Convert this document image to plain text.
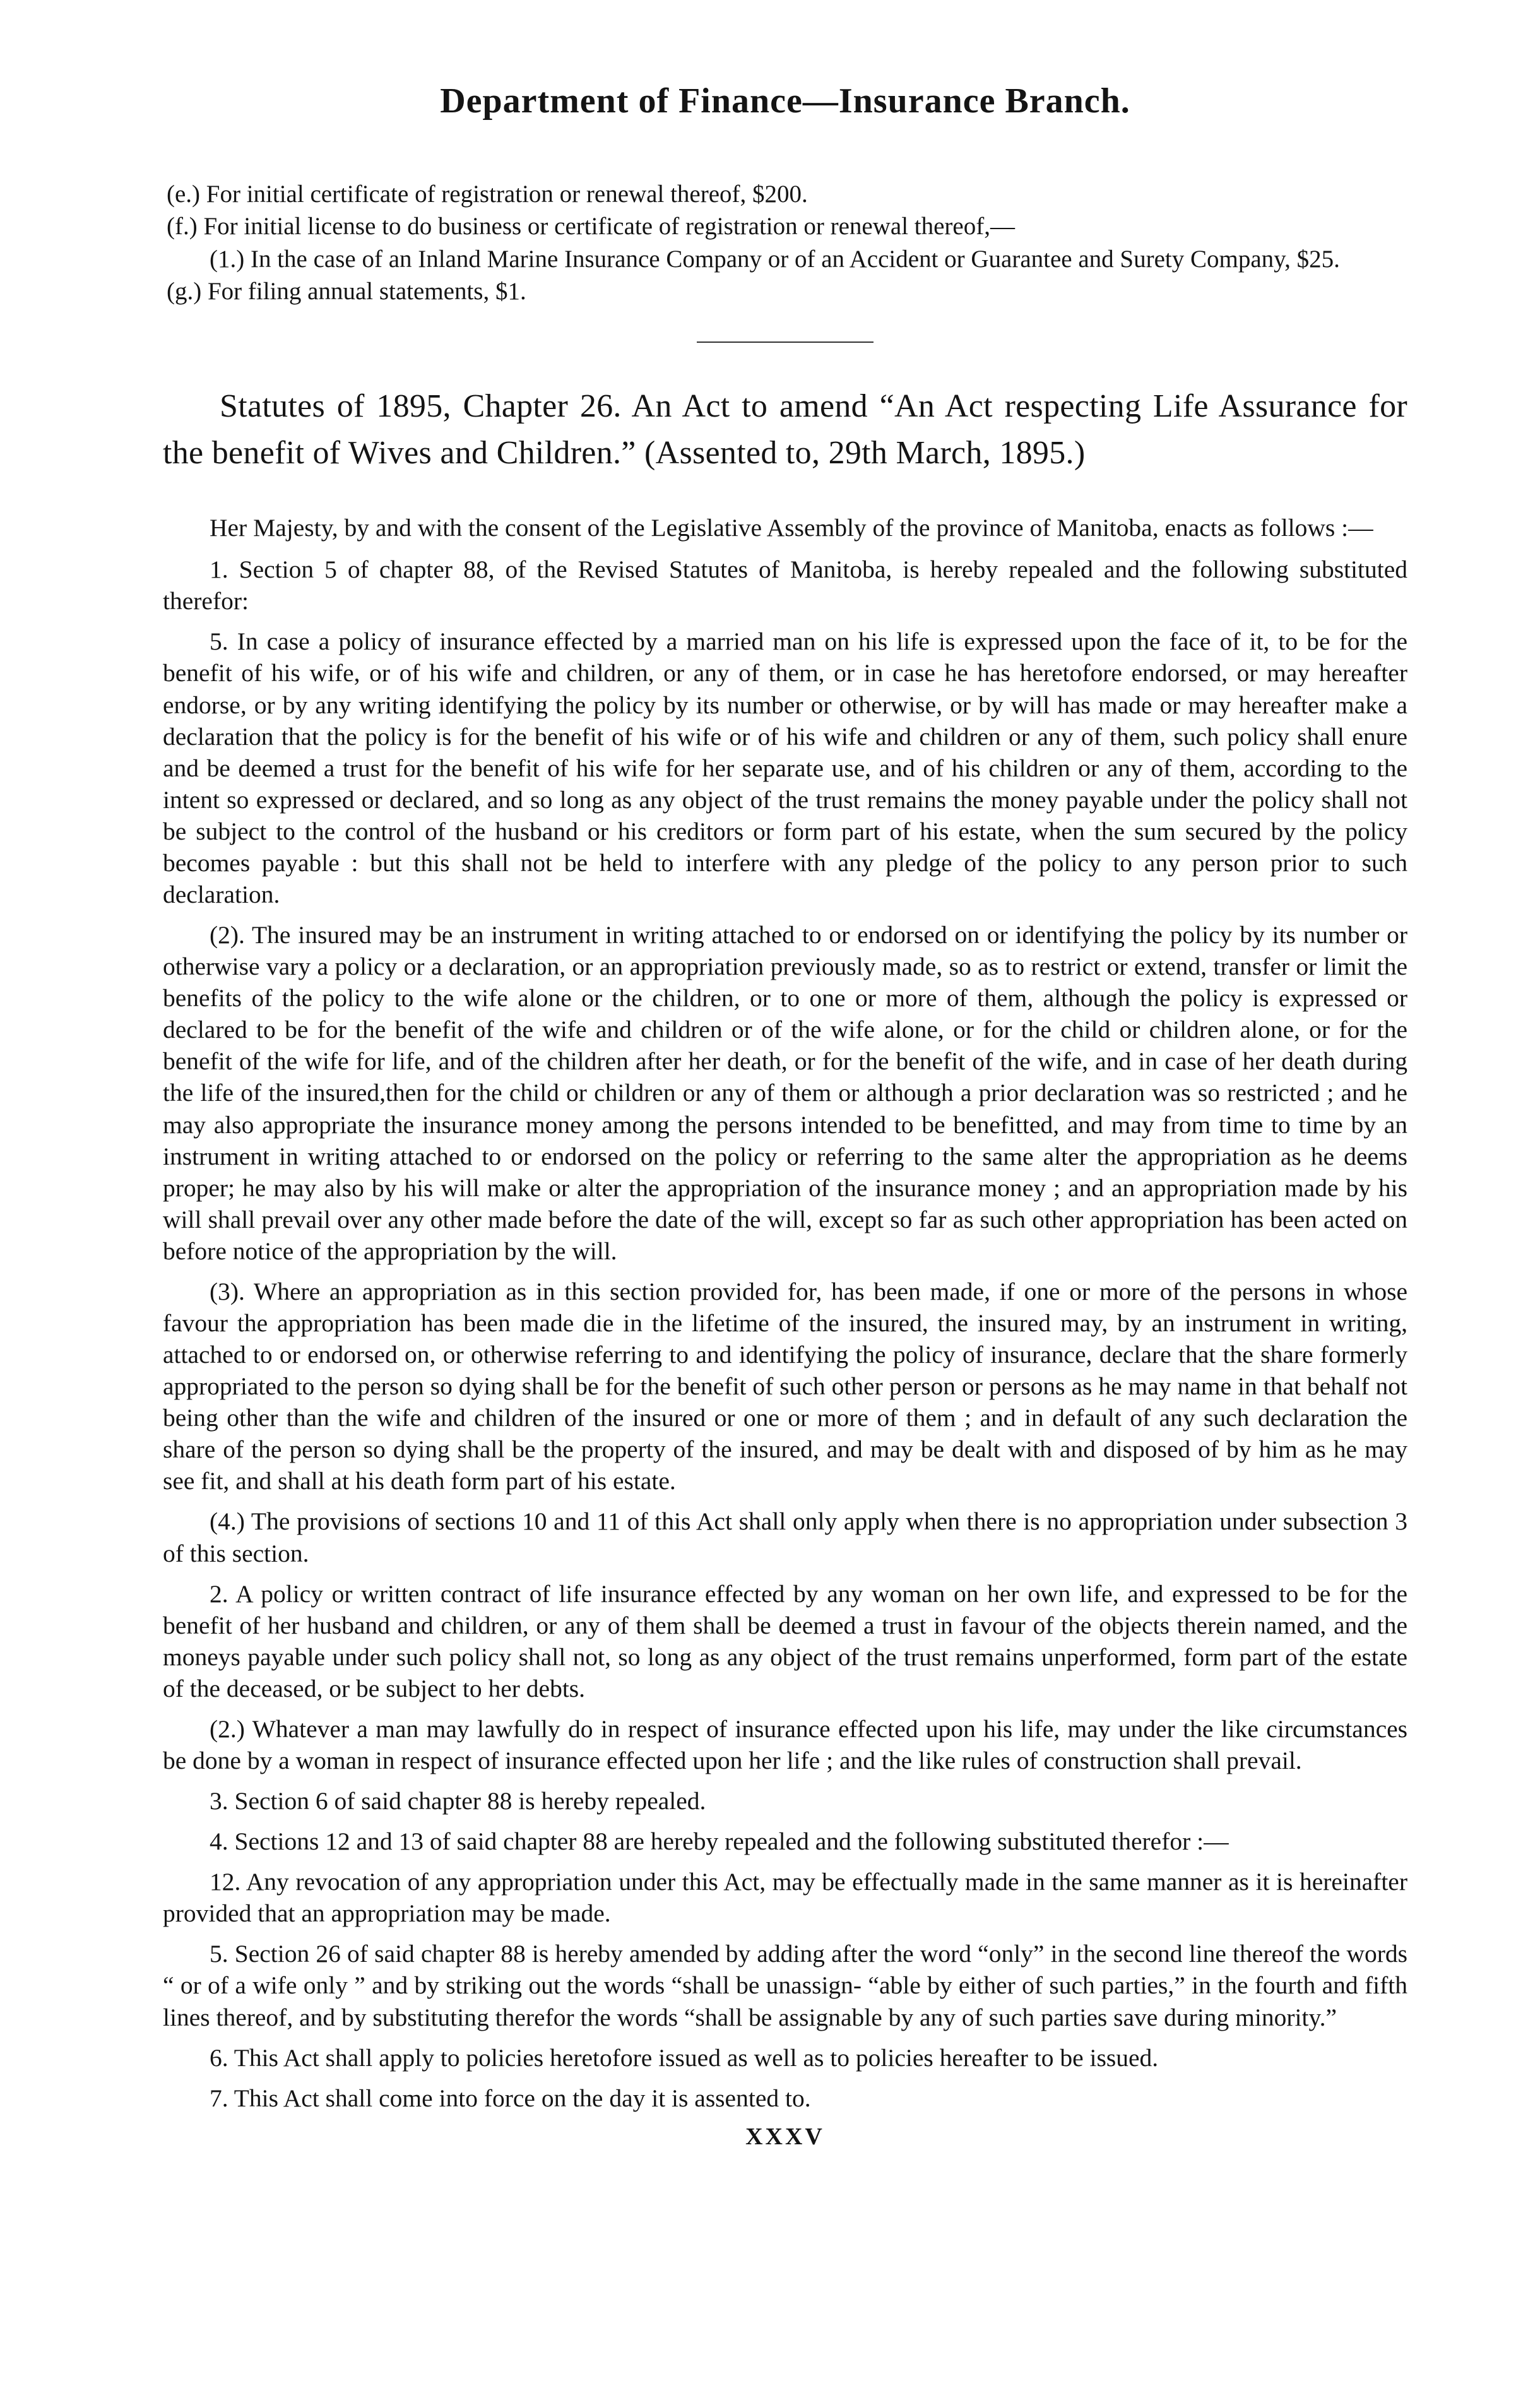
Department of Finance—Insurance Branch.

(e.) For initial certificate of registration or renewal thereof, $200.

(f.) For initial license to do business or certificate of registration or renewal thereof,—

(1.) In the case of an Inland Marine Insurance Company or of an Accident or Guarantee and Surety Company, $25.

(g.) For filing annual statements, $1.

Statutes of 1895, Chapter 26. An Act to amend “An Act respecting Life Assurance for the benefit of Wives and Children.” (Assented to, 29th March, 1895.)

Her Majesty, by and with the consent of the Legislative Assembly of the province of Manitoba, enacts as follows :—

1. Section 5 of chapter 88, of the Revised Statutes of Manitoba, is hereby repealed and the following substituted therefor:

5. In case a policy of insurance effected by a married man on his life is expressed upon the face of it, to be for the benefit of his wife, or of his wife and children, or any of them, or in case he has heretofore endorsed, or may hereafter endorse, or by any writing identifying the policy by its number or otherwise, or by will has made or may hereafter make a declaration that the policy is for the benefit of his wife or of his wife and children or any of them, such policy shall enure and be deemed a trust for the benefit of his wife for her separate use, and of his children or any of them, according to the intent so expressed or declared, and so long as any object of the trust remains the money payable under the policy shall not be subject to the control of the husband or his creditors or form part of his estate, when the sum secured by the policy becomes payable : but this shall not be held to interfere with any pledge of the policy to any person prior to such declaration.

(2). The insured may be an instrument in writing attached to or endorsed on or identifying the policy by its number or otherwise vary a policy or a declaration, or an appropriation previously made, so as to restrict or extend, transfer or limit the benefits of the policy to the wife alone or the children, or to one or more of them, although the policy is expressed or declared to be for the benefit of the wife and children or of the wife alone, or for the child or children alone, or for the benefit of the wife for life, and of the children after her death, or for the benefit of the wife, and in case of her death during the life of the insured,then for the child or children or any of them or although a prior declaration was so restricted ; and he may also appropriate the insurance money among the persons intended to be benefitted, and may from time to time by an instrument in writing attached to or endorsed on the policy or referring to the same alter the appropriation as he deems proper; he may also by his will make or alter the appropriation of the insurance money ; and an appropriation made by his will shall prevail over any other made before the date of the will, except so far as such other appropriation has been acted on before notice of the appropriation by the will.

(3). Where an appropriation as in this section provided for, has been made, if one or more of the persons in whose favour the appropriation has been made die in the lifetime of the insured, the insured may, by an instrument in writing, attached to or endorsed on, or otherwise referring to and identifying the policy of insurance, declare that the share formerly appropriated to the person so dying shall be for the benefit of such other person or persons as he may name in that behalf not being other than the wife and children of the insured or one or more of them ; and in default of any such declaration the share of the person so dying shall be the property of the insured, and may be dealt with and disposed of by him as he may see fit, and shall at his death form part of his estate.

(4.) The provisions of sections 10 and 11 of this Act shall only apply when there is no appropriation under subsection 3 of this section.

2. A policy or written contract of life insurance effected by any woman on her own life, and expressed to be for the benefit of her husband and children, or any of them shall be deemed a trust in favour of the objects therein named, and the moneys payable under such policy shall not, so long as any object of the trust remains unperformed, form part of the estate of the deceased, or be subject to her debts.

(2.) Whatever a man may lawfully do in respect of insurance effected upon his life, may under the like circumstances be done by a woman in respect of insurance effected upon her life ; and the like rules of construction shall prevail.

3. Section 6 of said chapter 88 is hereby repealed.

4. Sections 12 and 13 of said chapter 88 are hereby repealed and the following substituted therefor :—

12. Any revocation of any appropriation under this Act, may be effectually made in the same manner as it is hereinafter provided that an appropriation may be made.

5. Section 26 of said chapter 88 is hereby amended by adding after the word “only” in the second line thereof the words “ or of a wife only ” and by striking out the words “shall be unassign- “able by either of such parties,” in the fourth and fifth lines thereof, and by substituting therefor the words “shall be assignable by any of such parties save during minority.”

6. This Act shall apply to policies heretofore issued as well as to policies hereafter to be issued.

7. This Act shall come into force on the day it is assented to.

XXXV
